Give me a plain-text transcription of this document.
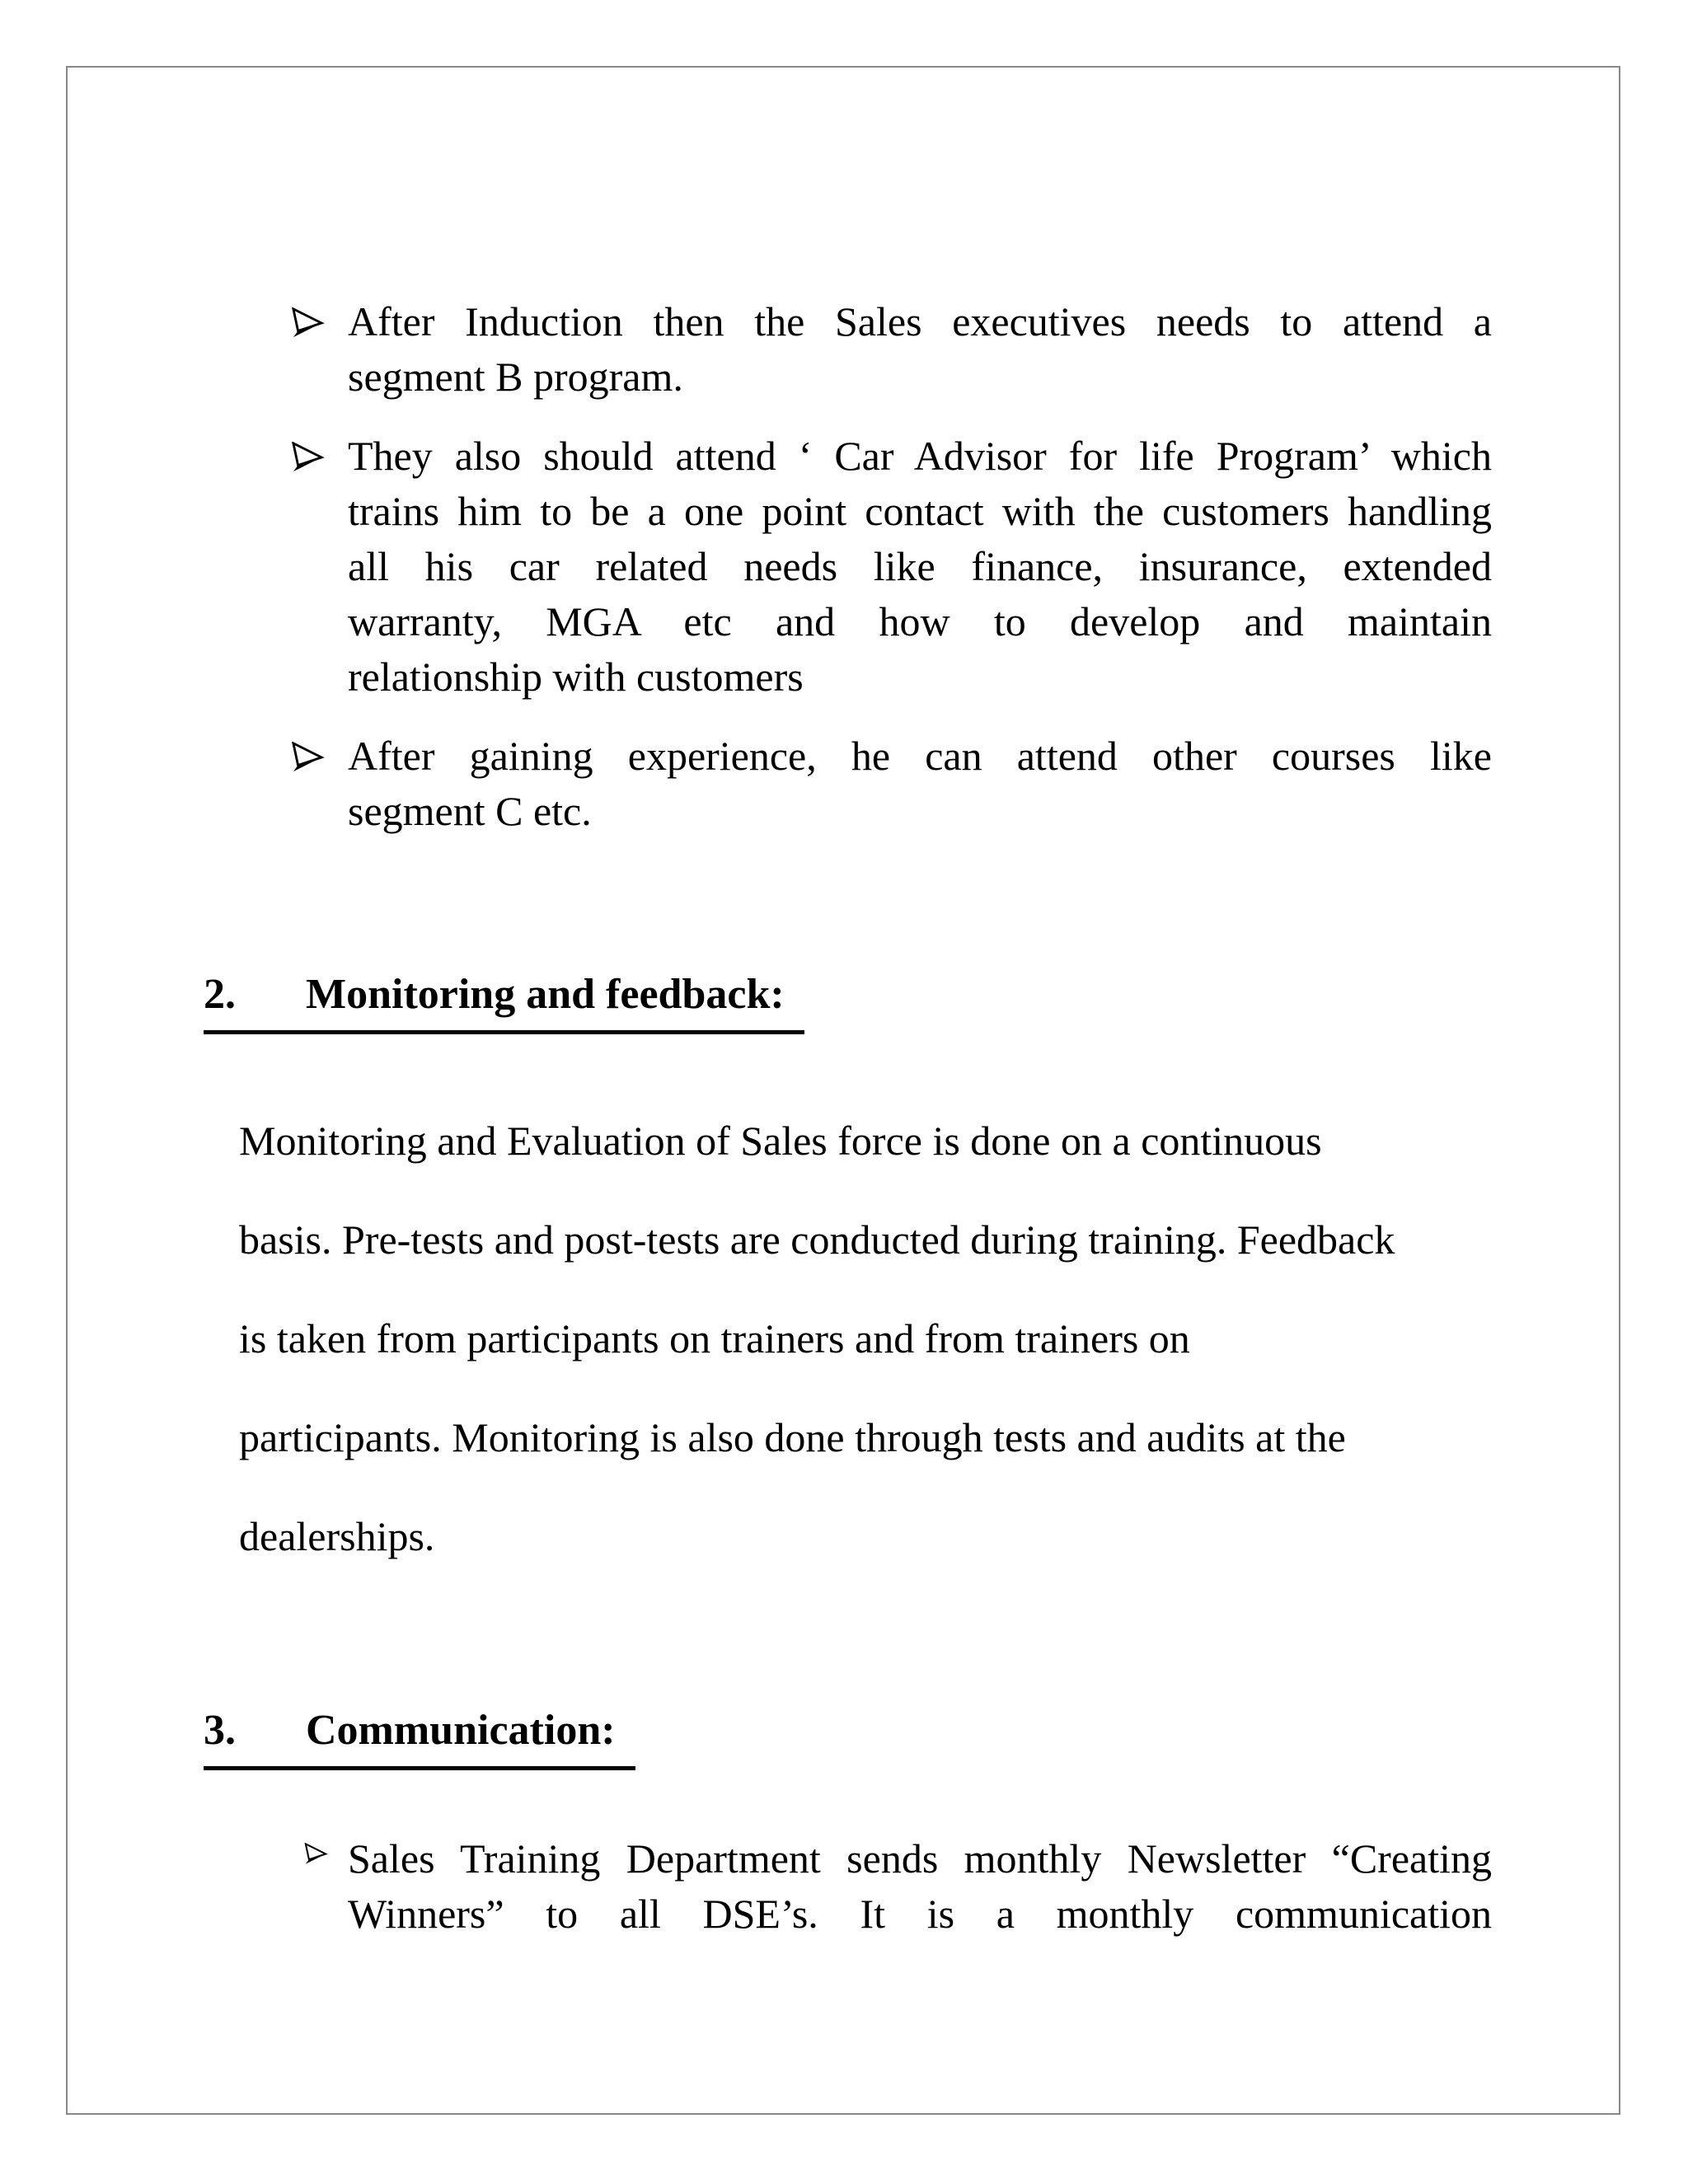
After Induction then the Sales executives needs to attend a
segment B program.
They also should attend ‘ Car Advisor for life Program’ which
trains him to be a one point contact with the customers handling
all his car related needs like finance, insurance, extended
warranty, MGA etc and how to develop and maintain
relationship with customers
After gaining experience, he can attend other courses like
segment C etc.
2.	Monitoring and feedback:
Monitoring and Evaluation of Sales force is done on a continuous
basis. Pre-tests and post-tests are conducted during training. Feedback
is taken from participants on trainers and from trainers on
participants. Monitoring is also done through tests and audits at the
dealerships.
3.	Communication:
Sales Training Department sends monthly Newsletter “Creating
Winners” to all DSE’s. It is a monthly communication
